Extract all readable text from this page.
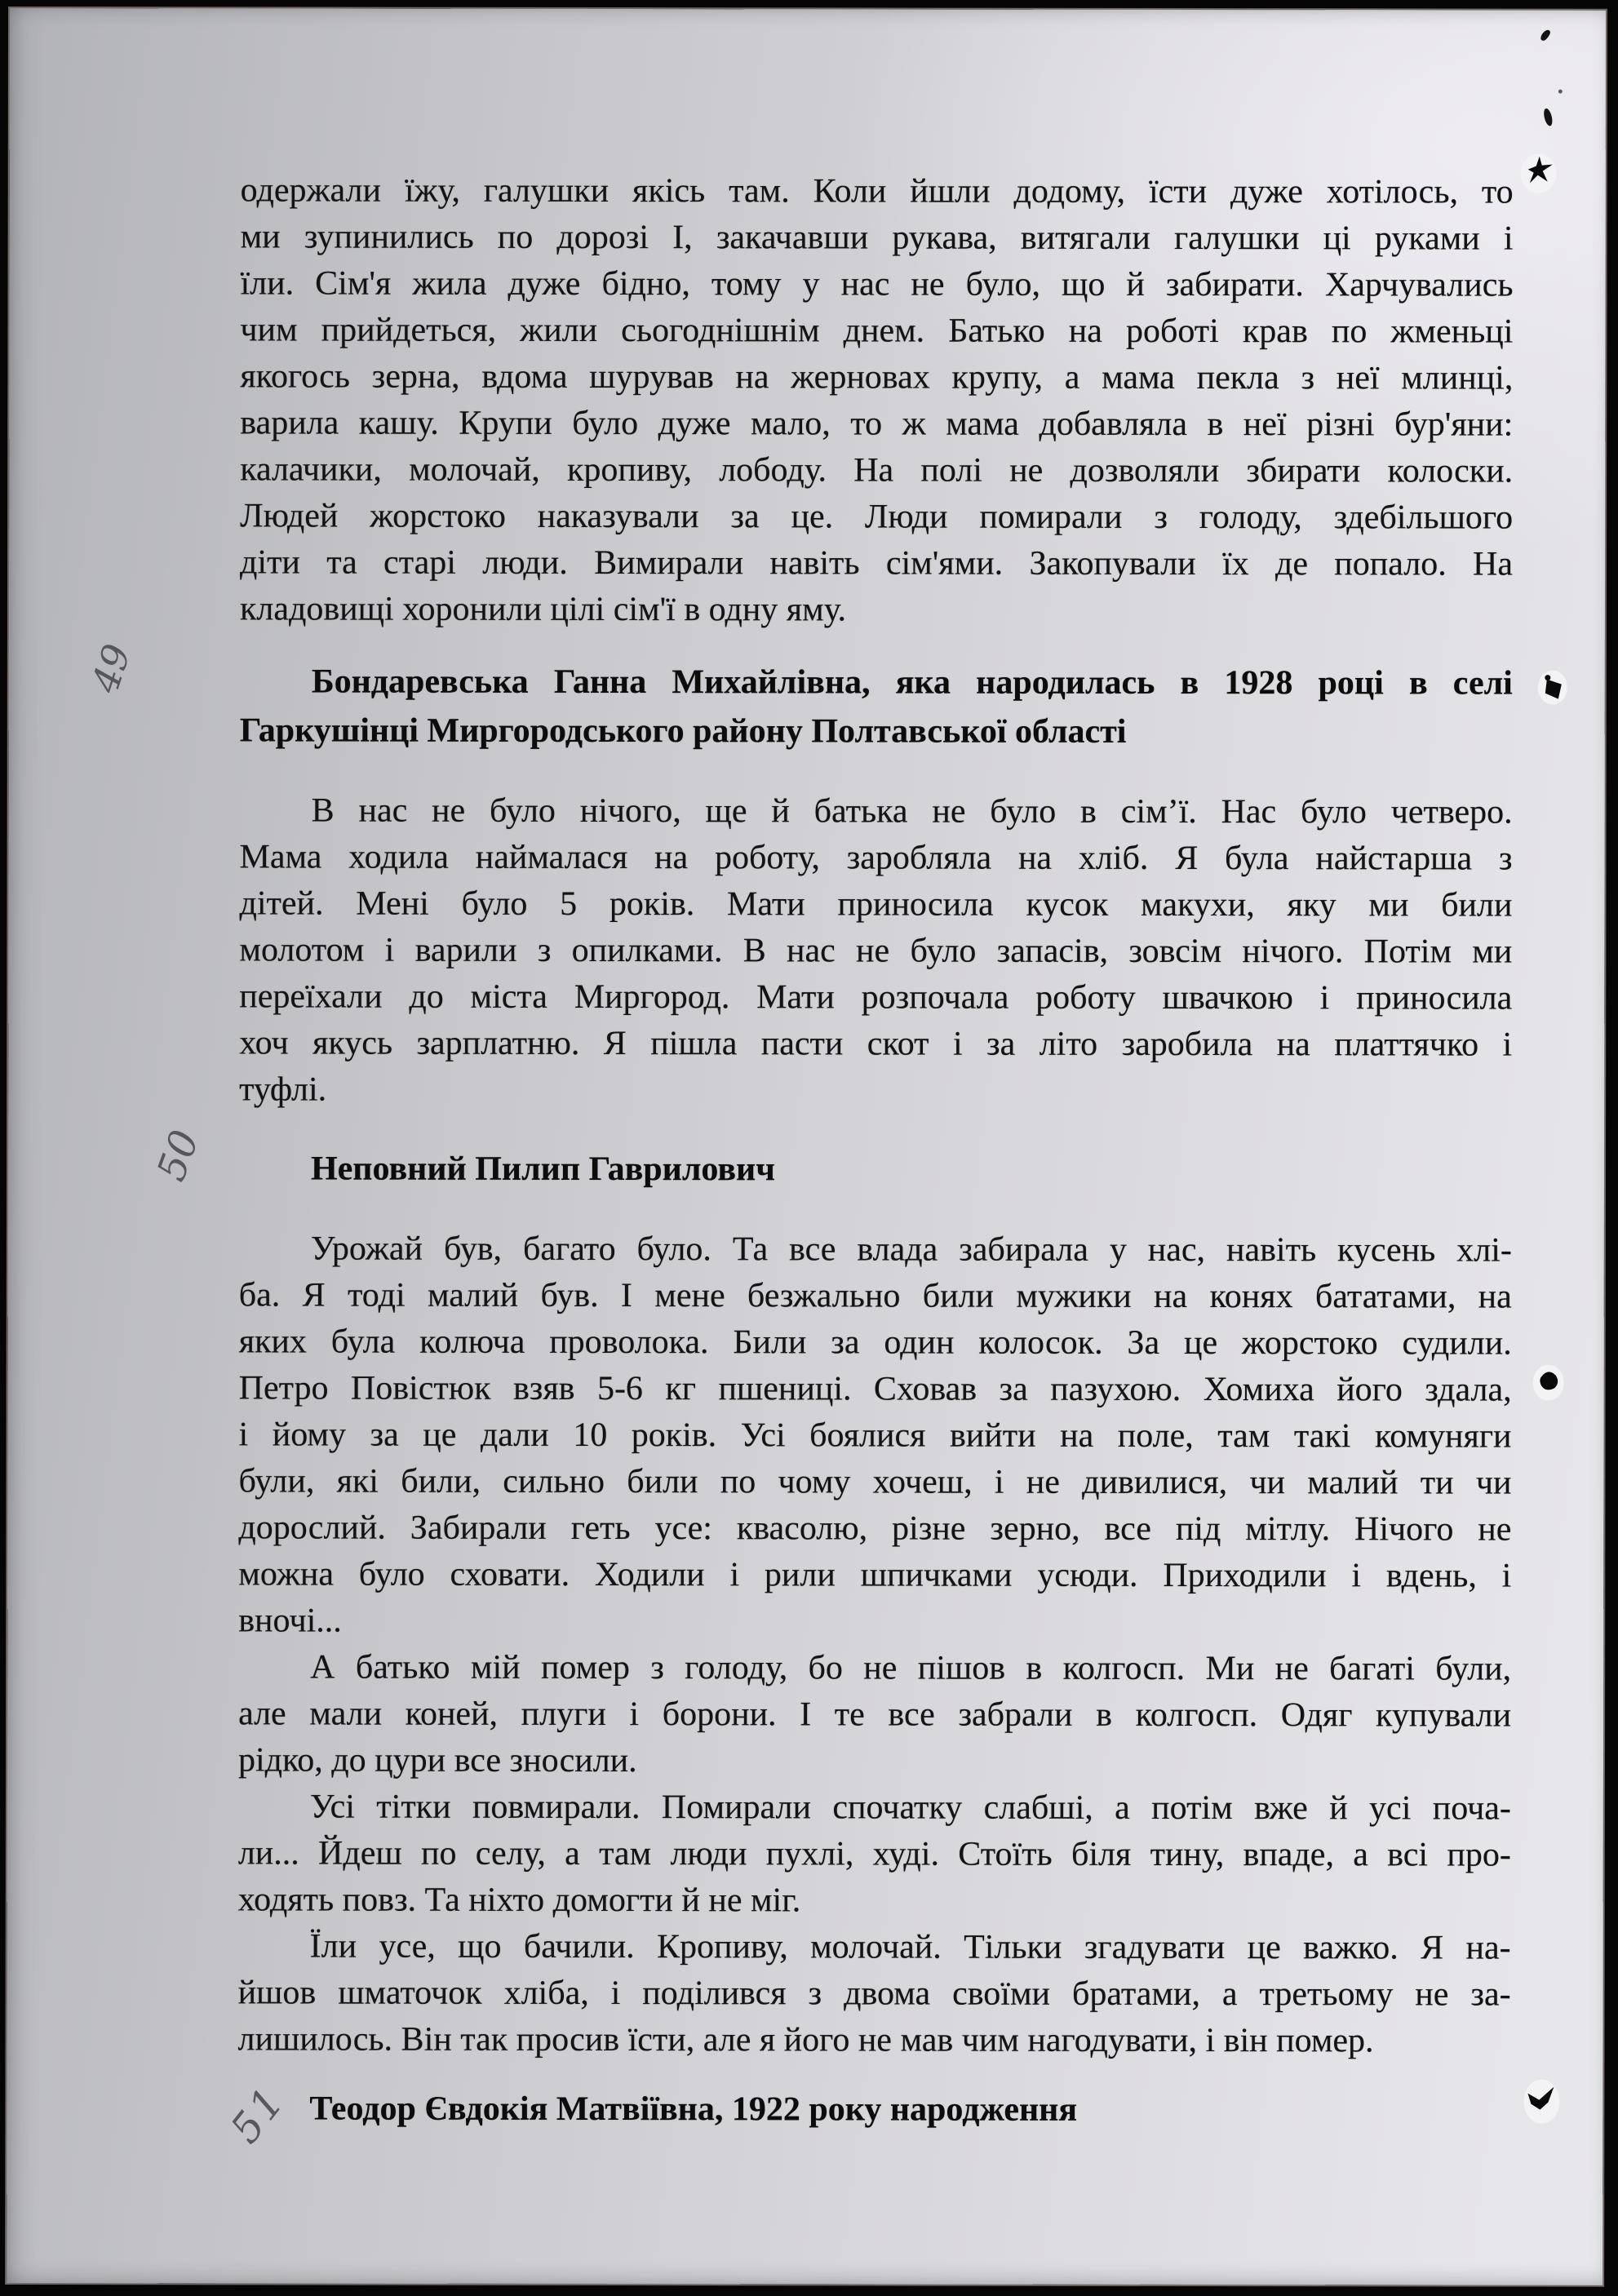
одержали їжу, галушки якісь там. Коли йшли додому, їсти дуже хотілось, то
ми зупинились по дорозі І, закачавши рукава, витягали галушки ці руками і
їли. Сім'я жила дуже бідно, тому у нас не було, що й забирати. Харчувались
чим прийдеться, жили сьогоднішнім днем. Батько на роботі крав по жменьці
якогось зерна, вдома шурував на жерновах крупу, а мама пекла з неї млинці,
варила кашу. Крупи було дуже мало, то ж мама добавляла в неї різні бур'яни:
калачики, молочай, кропиву, лободу. На полі не дозволяли збирати колоски.
Людей жорстоко наказували за це. Люди помирали з голоду, здебільшого
діти та старі люди. Вимирали навіть сім'ями. Закопували їх де попало. На
кладовищі хоронили цілі сім'ї в одну яму.
Бондаревська Ганна Михайлівна, яка народилась в 1928 році в селі
Гаркушінці Миргородського району Полтавської області
В нас не було нічого, ще й батька не було в сім’ї. Нас було четверо.
Мама ходила наймалася на роботу, заробляла на хліб. Я була найстарша з
дітей. Мені було 5 років. Мати приносила кусок макухи, яку ми били
молотом і варили з опилками. В нас не було запасів, зовсім нічого. Потім ми
переїхали до міста Миргород. Мати розпочала роботу швачкою і приносила
хоч якусь зарплатню. Я пішла пасти скот і за літо заробила на платтячко і
туфлі.
Неповний Пилип Гаврилович
Урожай був, багато було. Та все влада забирала у нас, навіть кусень хлі-
ба. Я тоді малий був. І мене безжально били мужики на конях бататами, на
яких була колюча проволока. Били за один колосок. За це жорстоко судили.
Петро Повістюк взяв 5-6 кг пшениці. Сховав за пазухою. Хомиха його здала,
і йому за це дали 10 років. Усі боялися вийти на поле, там такі комуняги
були, які били, сильно били по чому хочеш, і не дивилися, чи малий ти чи
дорослий. Забирали геть усе: квасолю, різне зерно, все під мітлу. Нічого не
можна було сховати. Ходили і рили шпичками усюди. Приходили і вдень, і
вночі...
А батько мій помер з голоду, бо не пішов в колгосп. Ми не багаті були,
але мали коней, плуги і борони. І те все забрали в колгосп. Одяг купували
рідко, до цури все зносили.
Усі тітки повмирали. Помирали спочатку слабші, а потім вже й усі поча-
ли... Йдеш по селу, а там люди пухлі, худі. Стоїть біля тину, впаде, а всі про-
ходять повз. Та ніхто домогти й не міг.
Їли усе, що бачили. Кропиву, молочай. Тільки згадувати це важко. Я на-
йшов шматочок хліба, і поділився з двома своїми братами, а третьому не за-
лишилось. Він так просив їсти, але я його не мав чим нагодувати, і він помер.
Теодор Євдокія Матвіївна, 1922 року народження
49
50
51
